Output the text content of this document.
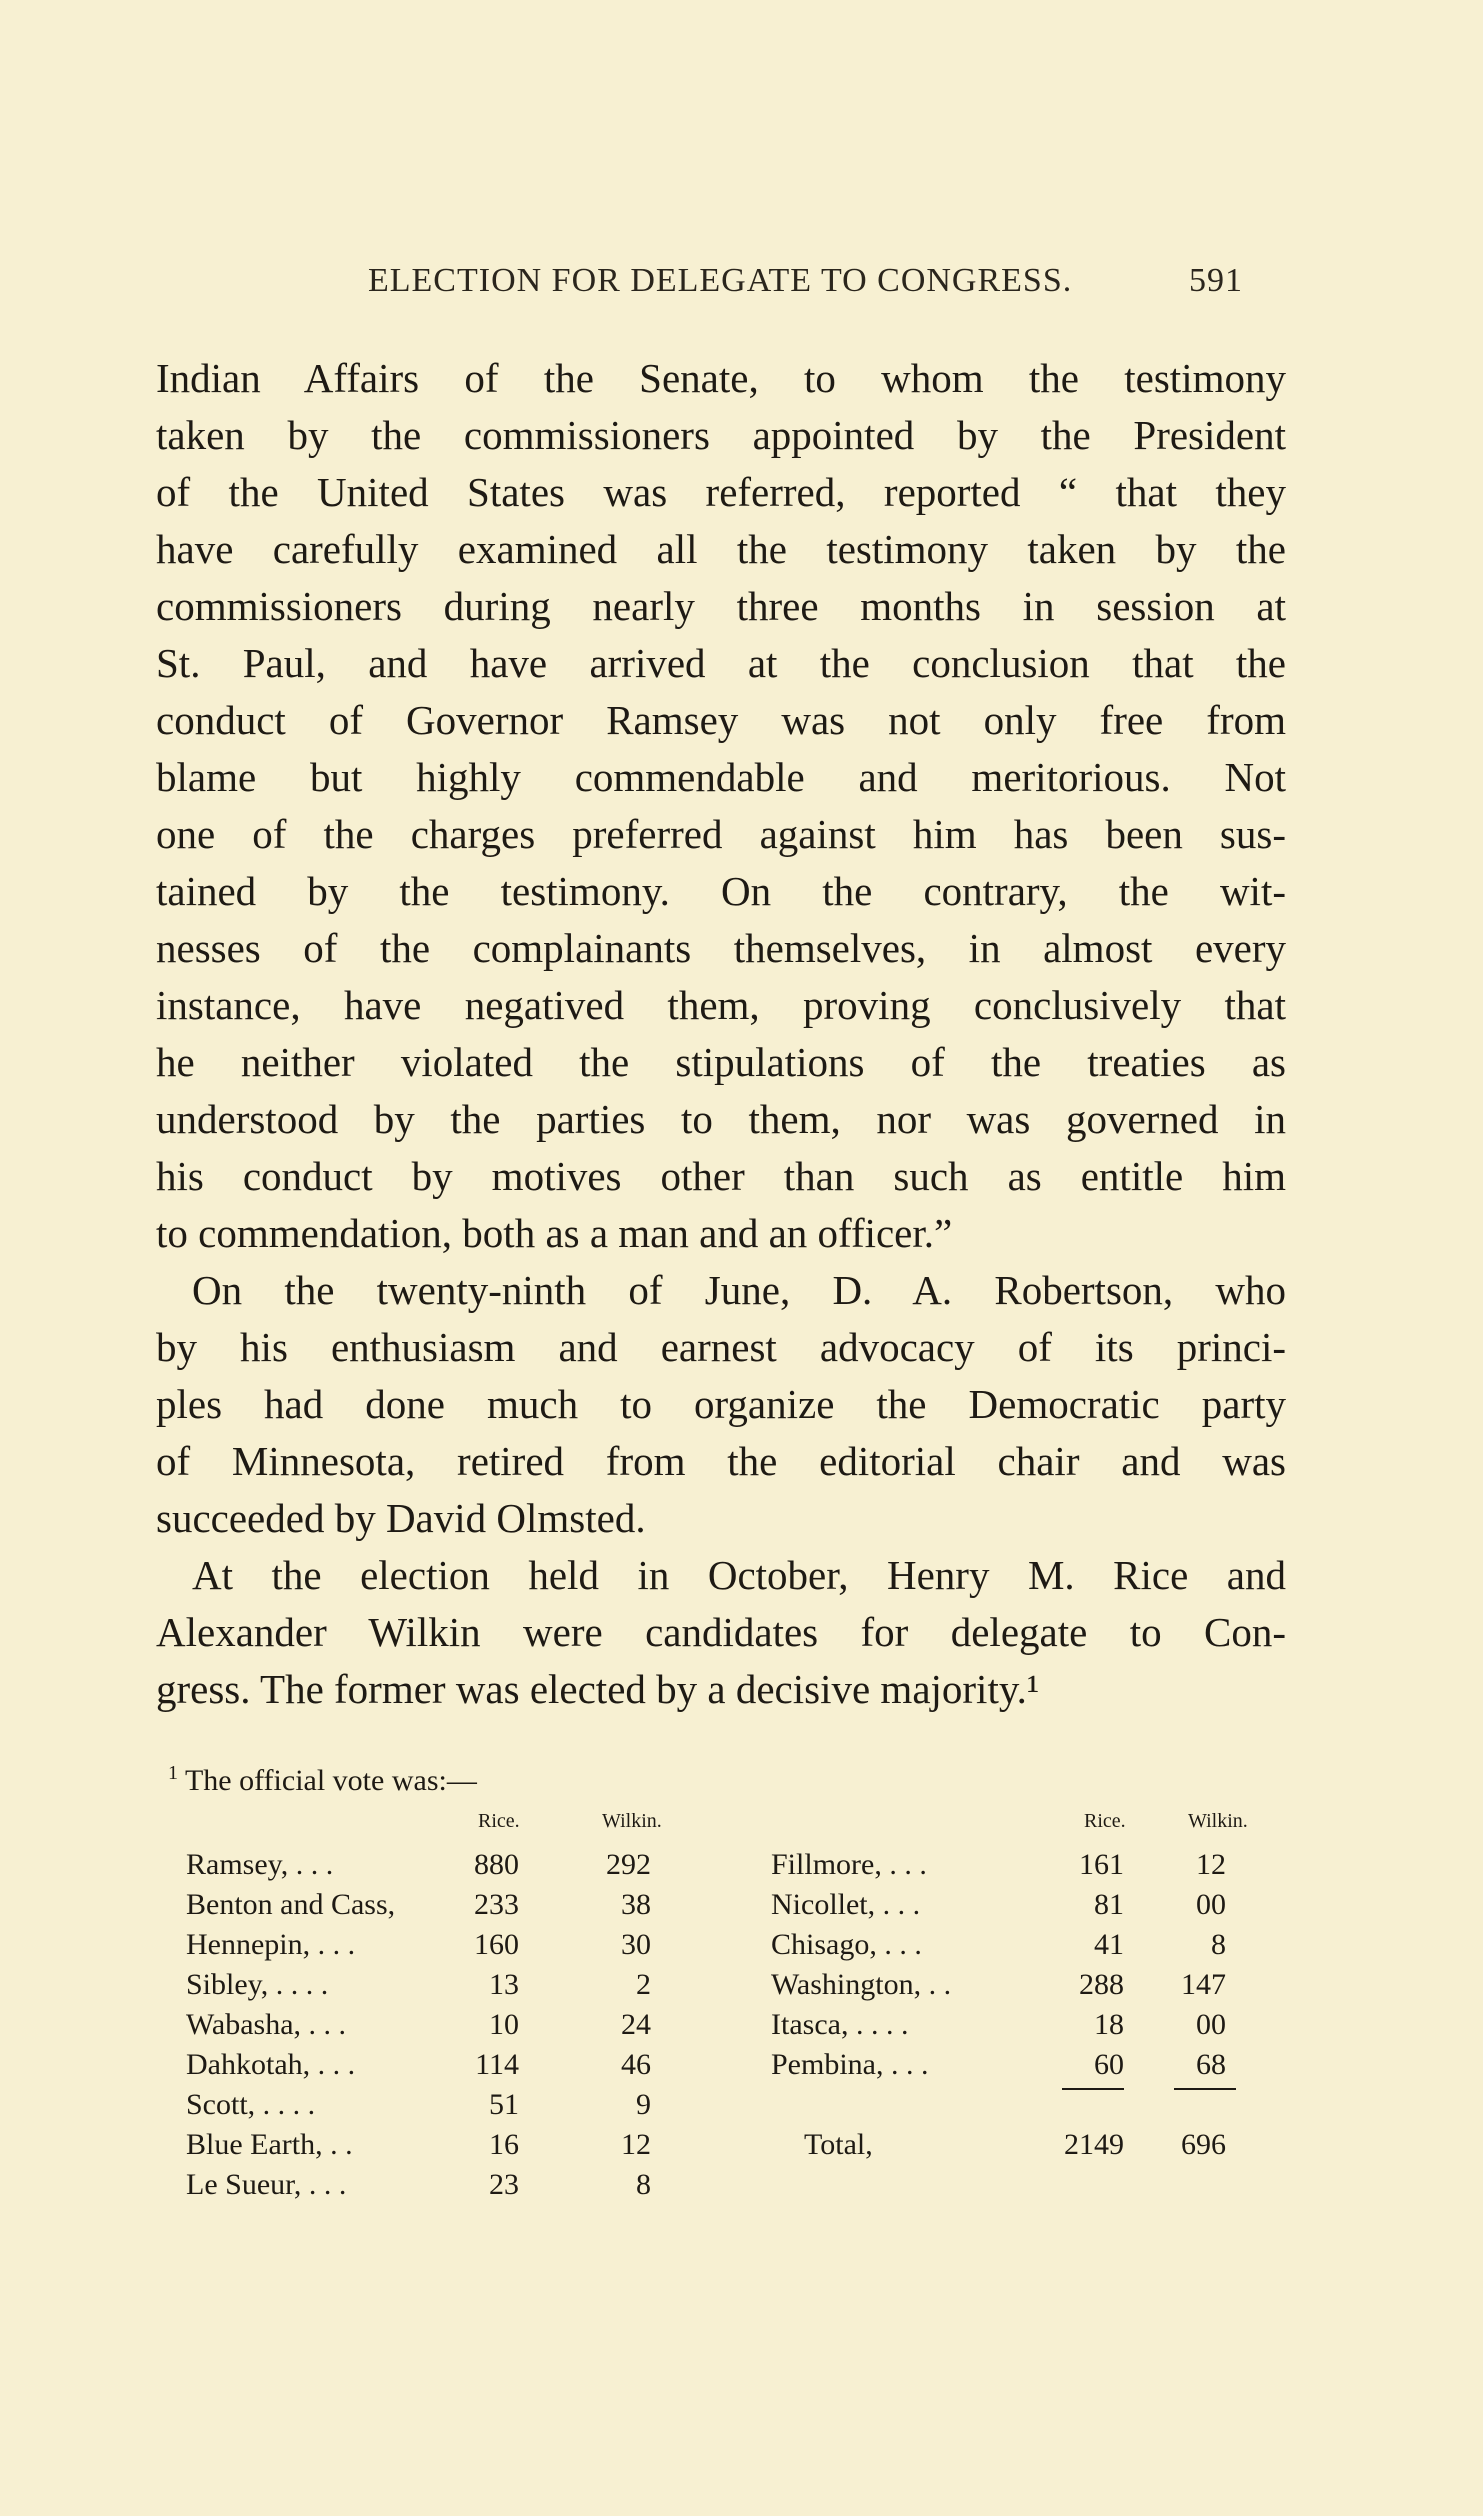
ELECTION FOR DELEGATE TO CONGRESS.	591
Indian Affairs of the Senate, to whom the testimony
taken by the commissioners appointed by the President
of the United States was referred, reported “ that they
have carefully examined all the testimony taken by the
commissioners during nearly three months in session at
St. Paul, and have arrived at the conclusion that the
conduct of Governor Ramsey was not only free from
blame but highly commendable and meritorious. Not
one of the charges preferred against him has been sus-
tained by the testimony. On the contrary, the wit-
nesses of the complainants themselves, in almost every
instance, have negatived them, proving conclusively that
he neither violated the stipulations of the treaties as
understood by the parties to them, nor was governed in
his conduct by motives other than such as entitle him
to commendation, both as a man and an officer.”
On the twenty-ninth of June, D. A. Robertson, who
by his enthusiasm and earnest advocacy of its princi-
ples had done much to organize the Democratic party
of Minnesota, retired from the editorial chair and was
succeeded by David Olmsted.
At the election held in October, Henry M. Rice and
Alexander Wilkin were candidates for delegate to Con-
gress. The former was elected by a decisive majority.¹
$^1$ The official vote was:—
Rice.	Wilkin.	Rice.	Wilkin.
Ramsey, . . .	880	292
Benton and Cass,	233	38
Hennepin, . . .	160	30
Sibley, . . . .	13	2
Wabasha, . . .	10	24
Dahkotah, . . .	114	46
Scott, . . . .	51	9
Blue Earth, . .	16	12
Le Sueur, . . .	23	8
Fillmore, . . .	161	12
Nicollet, . . .	81	00
Chisago, . . .	41	8
Washington, . .	288	147
Itasca, . . . .	18	00
Pembina, . . .	60	68
Total,	2149	696
